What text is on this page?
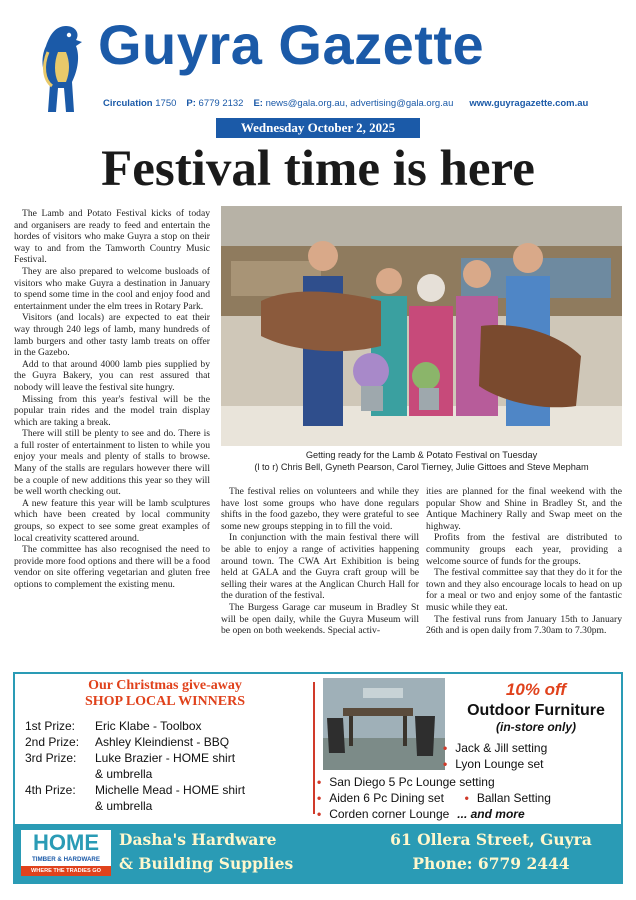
Guyra Gazette
Circulation 1750 P: 6779 2132 E: news@gala.org.au, advertising@gala.org.au www.guyragazette.com.au
Wednesday October 2, 2025
Festival time is here

The Lamb and Potato Festival kicks of today and organisers are ready to feed and entertain the hordes of visitors who make Guyra a stop on their way to and from the Tamworth Country Music Festival.

They are also prepared to welcome busloads of visitors who make Guyra a destination in January to spend some time in the cool and enjoy food and entertainment under the elm trees in Rotary Park.

Visitors (and locals) are expected to eat their way through 240 legs of lamb, many hundreds of lamb burgers and other tasty lamb treats on offer in the Gazebo.

Add to that around 4000 lamb pies supplied by the Guyra Bakery, you can rest assured that nobody will leave the festival site hungry.

Missing from this year's festival will be the popular train rides and the model train display which are taking a break.

There will still be plenty to see and do. There is a full roster of entertainment to listen to while you enjoy your meals and plenty of stalls to browse. Many of the stalls are regulars however there will be a couple of new additions this year so they will be well worth checking out.

A new feature this year will be lamb sculptures which have been created by local community groups, so expect to see some great examples of local creativity scattered around.

The committee has also recognised the need to provide more food options and there will be a food vendor on site offering vegetarian and gluten free options to complement the existing menu.

Getting ready for the Lamb & Potato Festival on Tuesday
(l to r) Chris Bell, Gyneth Pearson, Carol Tierney, Julie Gittoes and Steve Mepham

The festival relies on volunteers and while they have lost some groups who have done regulars shifts in the food gazebo, they were grateful to see some new groups stepping in to fill the void.

In conjunction with the main festival there will be able to enjoy a range of activities happening around town. The CWA Art Exhibition is being held at GALA and the Guyra craft group will be selling their wares at the Anglican Church Hall for the duration of the festival.

The Burgess Garage car museum in Bradley St will be open daily, while the Guyra Museum will be open on both weekends. Special activ-

ities are planned for the final weekend with the popular Show and Shine in Bradley St, and the Antique Machinery Rally and Swap meet on the highway.

Profits from the festival are distributed to community groups each year, providing a welcome source of funds for the groups.

The festival committee say that they do it for the town and they also encourage locals to head on up for a meal or two and enjoy some of the fantastic music while they eat.

The festival runs from January 15th to January 26th and is open daily from 7.30am to 7.30pm.

Our Christmas give-away
SHOP LOCAL WINNERS
1st Prize:	Eric Klabe - Toolbox
2nd Prize:	Ashley Kleindienst - BBQ
3rd Prize:	Luke Brazier - HOME shirt
& umbrella
4th Prize:	Michelle Mead - HOME shirt
& umbrella
10% off
Outdoor Furniture
(in-store only)
• Jack & Jill setting
• Lyon Lounge set
• San Diego 5 Pc Lounge setting
• Aiden 6 Pc Dining set • Ballan Setting
• Corden corner Lounge ... and more
HOME
TIMBER & HARDWARE
WHERE THE TRADIES GO
Dasha's Hardware
& Building Supplies
61 Ollera Street, Guyra
Phone: 6779 2444
